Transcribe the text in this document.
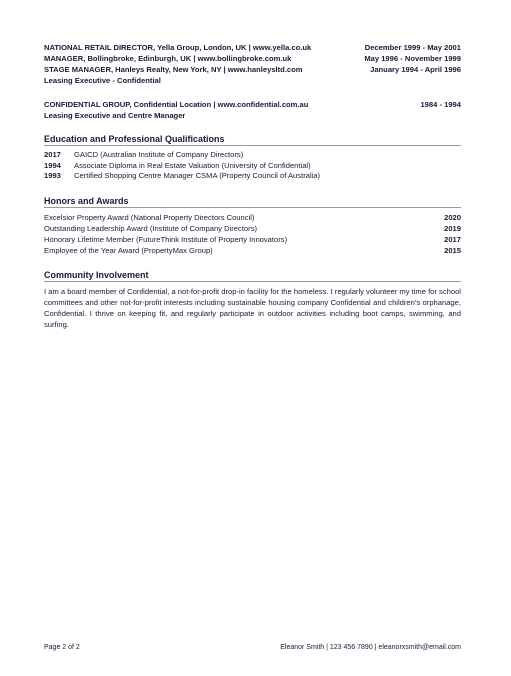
NATIONAL RETAIL DIRECTOR, Yella Group, London, UK | www.yella.co.uk	December 1999 - May 2001
MANAGER, Bollingbroke, Edinburgh, UK | www.bollingbroke.com.uk	May 1996 - November 1999
STAGE MANAGER, Hanleys Realty, New York, NY | www.hanleysltd.com	January 1994 - April 1996
Leasing Executive - Confidential
CONFIDENTIAL GROUP, Confidential Location | www.confidential.com.au	1984 - 1994
Leasing Executive and Centre Manager
Education and Professional Qualifications
2017	GAICD (Australian Institute of Company Directors)
1994	Associate Diploma in Real Estate Valuation (University of Confidential)
1993	Certified Shopping Centre Manager CSMA (Property Council of Australia)
Honors and Awards
Excelsior Property Award (National Property Directors Council)	2020
Outstanding Leadership Award (Institute of Company Directors)	2019
Honorary Lifetime Member (FutureThink Institute of Property Innovators)	2017
Employee of the Year Award (PropertyMax Group)	2015
Community Involvement
I am a board member of Confidential, a not-for-profit drop-in facility for the homeless. I regularly volunteer my time for school committees and other not-for-profit interests including sustainable housing company Confidential and children's orphanage, Confidential. I thrive on keeping fit, and regularly participate in outdoor activities including boot camps, swimming, and surfing.
Page 2 of 2	Eleanor Smith | 123 456 7890 | eleanorxsmith@email.com
